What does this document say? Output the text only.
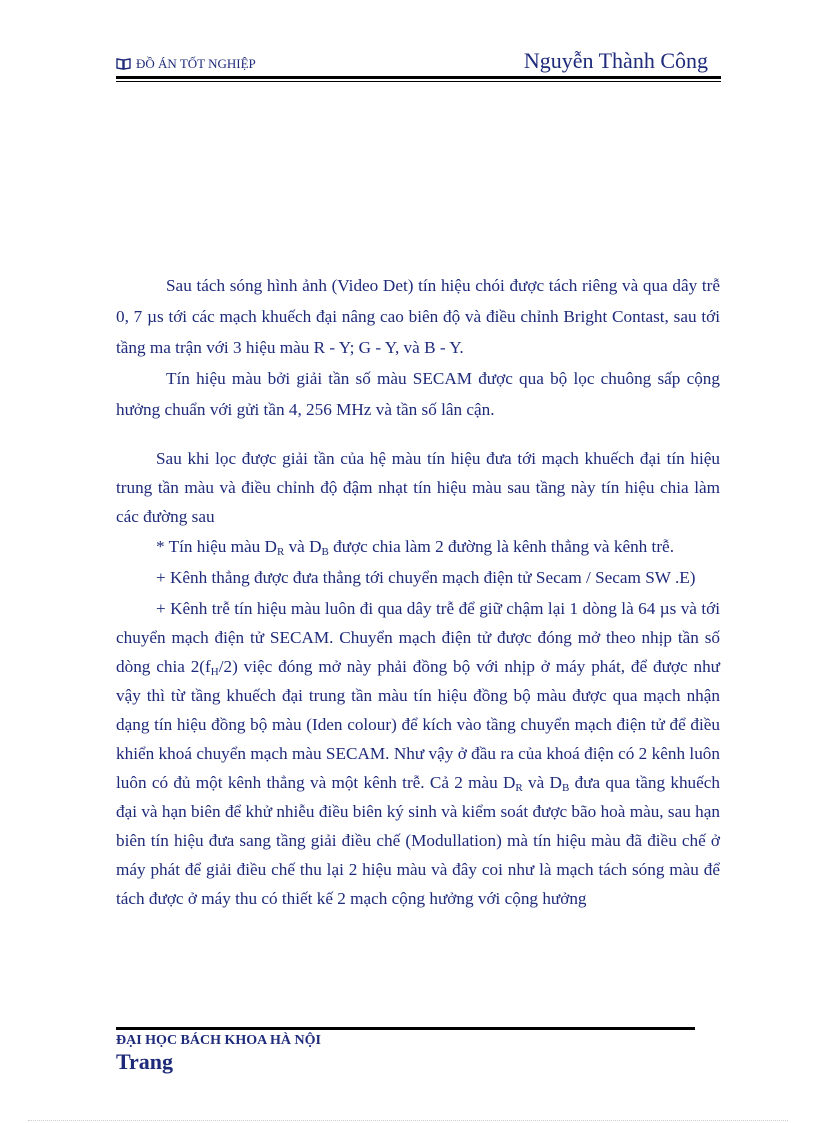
ĐỒ ÁN TỐT NGHIỆP	Nguyễn Thành Công

Sau tách sóng hình ảnh (Video Det) tín hiệu chói được tách riêng và qua dây trễ 0, 7 µs tới các mạch khuếch đại nâng cao biên độ và điều chỉnh Bright Contast, sau tới tầng ma trận với 3 hiệu màu R - Y; G - Y, và B - Y.

Tín hiệu màu bởi giải tần số màu SECAM được qua bộ lọc chuông sấp cộng hưởng chuẩn với gửi tần 4, 256 MHz và tần số lân cận.

Sau khi lọc được giải tần của hệ màu tín hiệu đưa tới mạch khuếch đại tín hiệu trung tần màu và điều chỉnh độ đậm nhạt tín hiệu màu sau tầng này tín hiệu chia làm các đường sau

* Tín hiệu màu $D_R$ và $D_B$ được chia làm 2 đường là kênh thẳng và kênh trễ.

+ Kênh thẳng được đưa thẳng tới chuyển mạch điện tử Secam / Secam SW .E)

+ Kênh trễ tín hiệu màu luôn đi qua dây trễ để giữ chậm lại 1 dòng là 64 µs và tới chuyển mạch điện tử SECAM. Chuyển mạch điện tử được đóng mở theo nhịp tần số dòng chia $2(f_H/2)$ việc đóng mở này phải đồng bộ với nhịp ở máy phát, để được như vậy thì từ tầng khuếch đại trung tần màu tín hiệu đồng bộ màu được qua mạch nhận dạng tín hiệu đồng bộ màu (Iden colour) để kích vào tầng chuyển mạch điện tử để điều khiển khoá chuyển mạch màu SECAM. Như vậy ở đầu ra của khoá điện có 2 kênh luôn luôn có đủ một kênh thẳng và một kênh trễ. Cả 2 màu $D_R$ và $D_B$ đưa qua tầng khuếch đại và hạn biên để khử nhiễu điều biên ký sinh và kiểm soát được bão hoà màu, sau hạn biên tín hiệu đưa sang tầng giải điều chế (Modullation) mà tín hiệu màu đã điều chế ở máy phát để giải điều chế thu lại 2 hiệu màu và đây coi như là mạch tách sóng màu để tách được ở máy thu có thiết kế 2 mạch cộng hưởng với cộng hưởng

ĐẠI HỌC BÁCH KHOA HÀ NỘI
Trang
